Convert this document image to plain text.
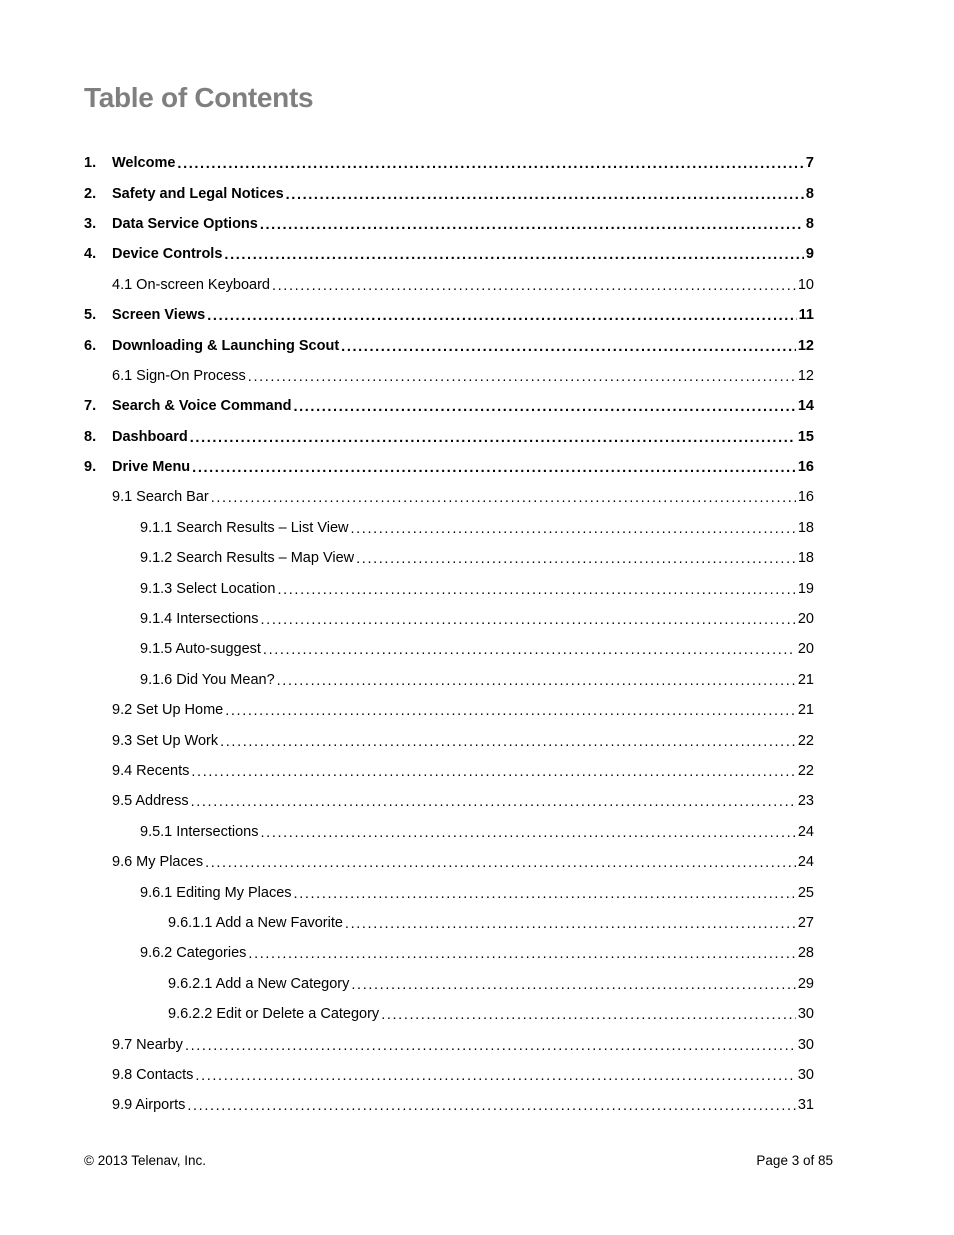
Table of Contents
1.	Welcome . . .	7
2.	Safety and Legal Notices . . .	8
3.	Data Service Options . . .	8
4.	Device Controls . . .	9
4.1 On-screen Keyboard . . .	10
5.	Screen Views . . .	11
6.	Downloading & Launching Scout . . .	12
6.1 Sign-On Process . . .	12
7.	Search & Voice Command . . .	14
8.	Dashboard . . .	15
9.	Drive Menu . . .	16
9.1 Search Bar . . .	16
9.1.1 Search Results – List View . . .	18
9.1.2 Search Results – Map View . . .	18
9.1.3 Select Location . . .	19
9.1.4 Intersections . . .	20
9.1.5 Auto-suggest . . .	20
9.1.6 Did You Mean? . . .	21
9.2 Set Up Home . . .	21
9.3 Set Up Work . . .	22
9.4 Recents . . .	22
9.5 Address . . .	23
9.5.1 Intersections . . .	24
9.6 My Places . . .	24
9.6.1 Editing My Places . . .	25
9.6.1.1 Add a New Favorite . . .	27
9.6.2 Categories . . .	28
9.6.2.1 Add a New Category . . .	29
9.6.2.2 Edit or Delete a Category . . .	30
9.7 Nearby . . .	30
9.8 Contacts . . .	30
9.9 Airports . . .	31
© 2013 Telenav, Inc.	Page 3 of 85
